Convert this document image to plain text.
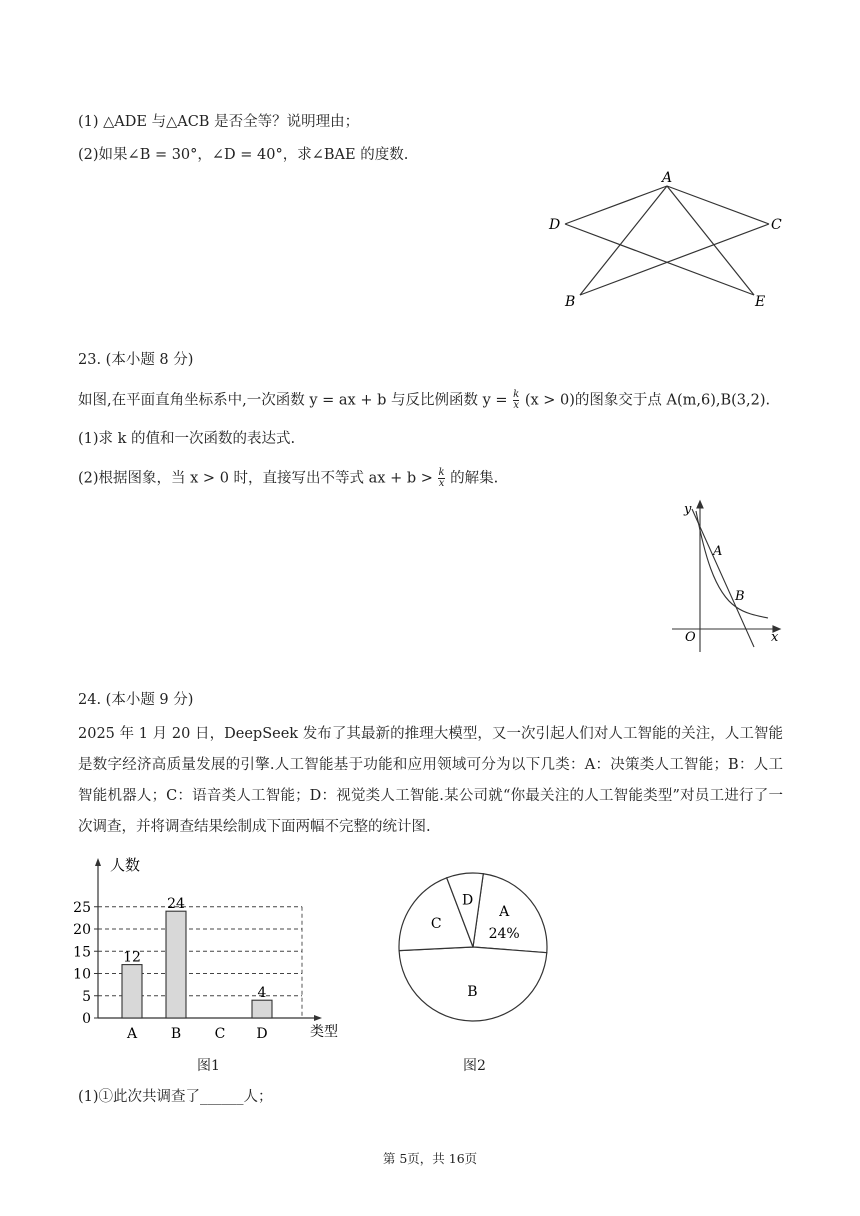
(1) △ADE 与△ACB 是否全等？说明理由；
(2)如果∠B = 30°，∠D = 40°，求∠BAE 的度数.
A
C
D
B	E
23. (本小题 8 分)
如图,在平面直角坐标系中,一次函数 y = ax + b 与反比例函数 $y = \frac{k}{x} (x > 0)$的图象交于点 A(m,6),B(3,2).
(1)求 k 的值和一次函数的表达式.
(2)根据图象，当 x > 0 时，直接写出不等式 ax + $b > \frac{k}{x}$ 的解集.
y
x
O
A
B
24. (本小题 9 分)
2025 年 1 月 20 日，DeepSeek 发布了其最新的推理大模型，又一次引起人们对人工智能的关注，人工智能是数字经济高质量发展的引擎.人工智能基于功能和应用领域可分为以下几类：A：决策类人工智能；B：人工智能机器人；C：语音类人工智能；D：视觉类人工智能.某公司就“你最关注的人工智能类型”对员工进行了一次调查，并将调查结果绘制成下面两幅不完整的统计图.
0
5
10
15
20
25
人数
类型
12
A
24
B C
4
D
图1
A
24%
B
C
D
图2
(1)①此次共调查了______人；
第 5页，共 16页
